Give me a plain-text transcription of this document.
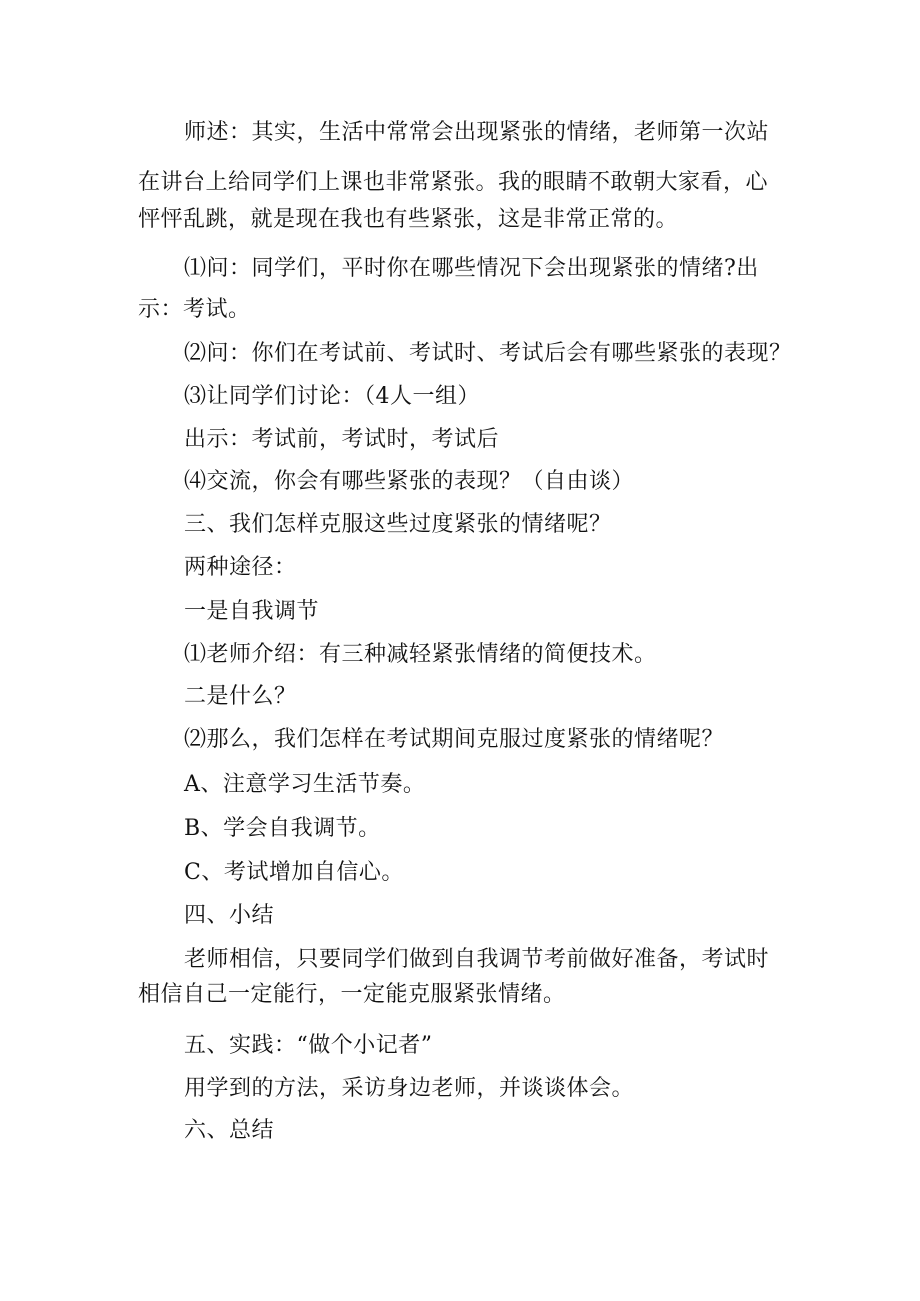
师述：其实，生活中常常会出现紧张的情绪，老师第一次站

在讲台上给同学们上课也非常紧张。我的眼睛不敢朝大家看，心

怦怦乱跳，就是现在我也有些紧张，这是非常正常的。

⑴问：同学们，平时你在哪些情况下会出现紧张的情绪?出

示：考试。

⑵问：你们在考试前、考试时、考试后会有哪些紧张的表现？

⑶让同学们讨论：（4人一组）

出示：考试前，考试时，考试后

⑷交流，你会有哪些紧张的表现？（自由谈）

三、我们怎样克服这些过度紧张的情绪呢？

两种途径：

一是自我调节

⑴老师介绍：有三种减轻紧张情绪的简便技术。

二是什么？

⑵那么，我们怎样在考试期间克服过度紧张的情绪呢？

A、注意学习生活节奏。

B、学会自我调节。

C、考试增加自信心。

四、小结

老师相信，只要同学们做到自我调节考前做好准备，考试时

相信自己一定能行，一定能克服紧张情绪。

五、实践：“做个小记者”

用学到的方法，采访身边老师，并谈谈体会。

六、总结
